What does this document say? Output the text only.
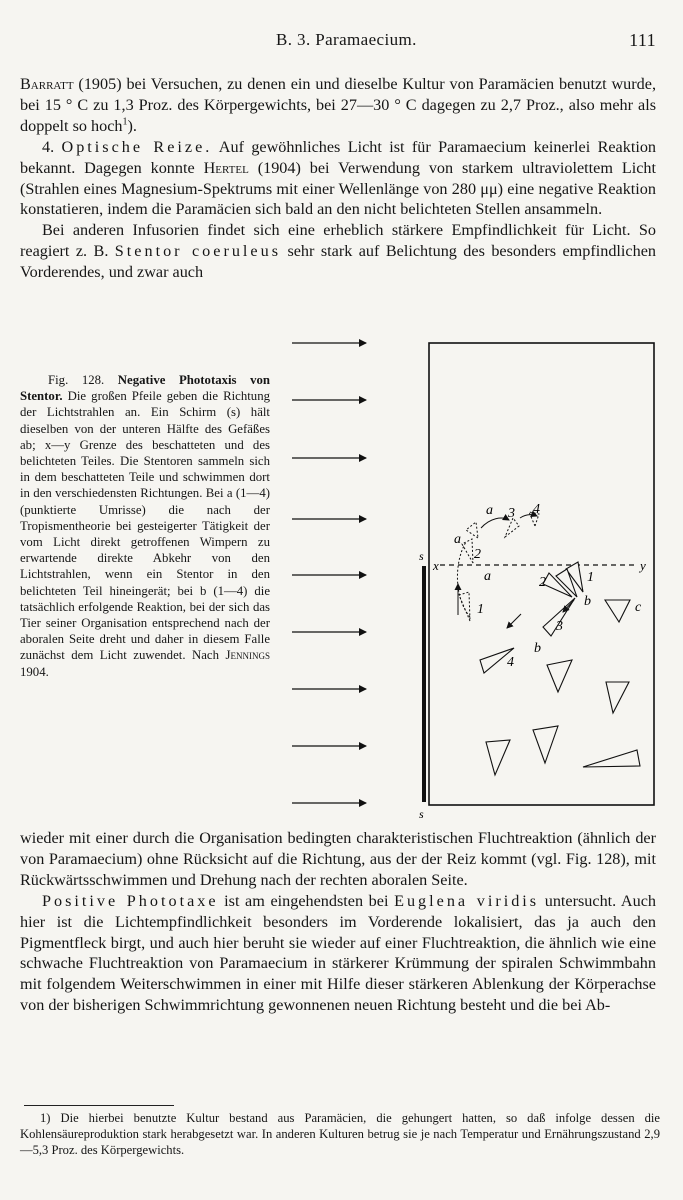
B. 3. Paramaecium.	111

Barratt (1905) bei Versuchen, zu denen ein und dieselbe Kultur von Paramäcien benutzt wurde, bei 15 ° C zu 1,3 Proz. des Körpergewichts, bei 27—30 ° C dagegen zu 2,7 Proz., also mehr als doppelt so hoch$^1$).

4. Optische Reize. Auf gewöhnliches Licht ist für Paramaecium keinerlei Reaktion bekannt. Dagegen konnte Hertel (1904) bei Verwendung von starkem ultraviolettem Licht (Strahlen eines Magnesium-Spektrums mit einer Wellenlänge von 280 μμ) eine negative Reaktion konstatieren, indem die Paramäcien sich bald an den nicht belichteten Stellen ansammeln.

Bei anderen Infusorien findet sich eine erheblich stärkere Empfindlichkeit für Licht. So reagiert z. B. Stentor coeruleus sehr stark auf Belichtung des besonders empfindlichen Vorderendes, und zwar auch

Fig. 128. Negative Phototaxis von Stentor. Die großen Pfeile geben die Richtung der Lichtstrahlen an. Ein Schirm (s) hält dieselben von der unteren Hälfte des Gefäßes ab; x—y Grenze des beschatteten und des belichteten Teiles. Die Stentoren sammeln sich in dem beschatteten Teile und schwimmen dort in den verschiedensten Richtungen. Bei a (1—4) (punktierte Umrisse) die nach der Tropismentheorie bei gesteigerter Tätigkeit der vom Licht direkt getroffenen Wimpern zu erwartende direkte Abkehr von den Lichtstrahlen, wenn ein Stentor in den belichteten Teil hineingerät; bei b (1—4) die tatsächlich erfolgende Reaktion, bei der sich das Tier seiner Organisation entsprechend nach der aboralen Seite dreht und daher in diesem Falle zunächst dem Licht zuwendet. Nach Jennings 1904.

s
s
x	y
a 3 4
a
a
2
1
2	1
b
3
b
4
c

wieder mit einer durch die Organisation bedingten charakteristischen Fluchtreaktion (ähnlich der von Paramaecium) ohne Rücksicht auf die Richtung, aus der der Reiz kommt (vgl. Fig. 128), mit Rückwärtsschwimmen und Drehung nach der rechten aboralen Seite.

Positive Phototaxe ist am eingehendsten bei Euglena viridis untersucht. Auch hier ist die Lichtempfindlichkeit besonders im Vorderende lokalisiert, das ja auch den Pigmentfleck birgt, und auch hier beruht sie wieder auf einer Fluchtreaktion, die ähnlich wie eine schwache Fluchtreaktion von Paramaecium in stärkerer Krümmung der spiralen Schwimmbahn mit folgendem Weiterschwimmen in einer mit Hilfe dieser stärkeren Ablenkung der Körperachse von der bisherigen Schwimmrichtung gewonnenen neuen Richtung besteht und die bei Ab-

1) Die hierbei benutzte Kultur bestand aus Paramäcien, die gehungert hatten, so daß infolge dessen die Kohlensäureproduktion stark herabgesetzt war. In anderen Kulturen betrug sie je nach Temperatur und Ernährungszustand 2,9—5,3 Proz. des Körpergewichts.
